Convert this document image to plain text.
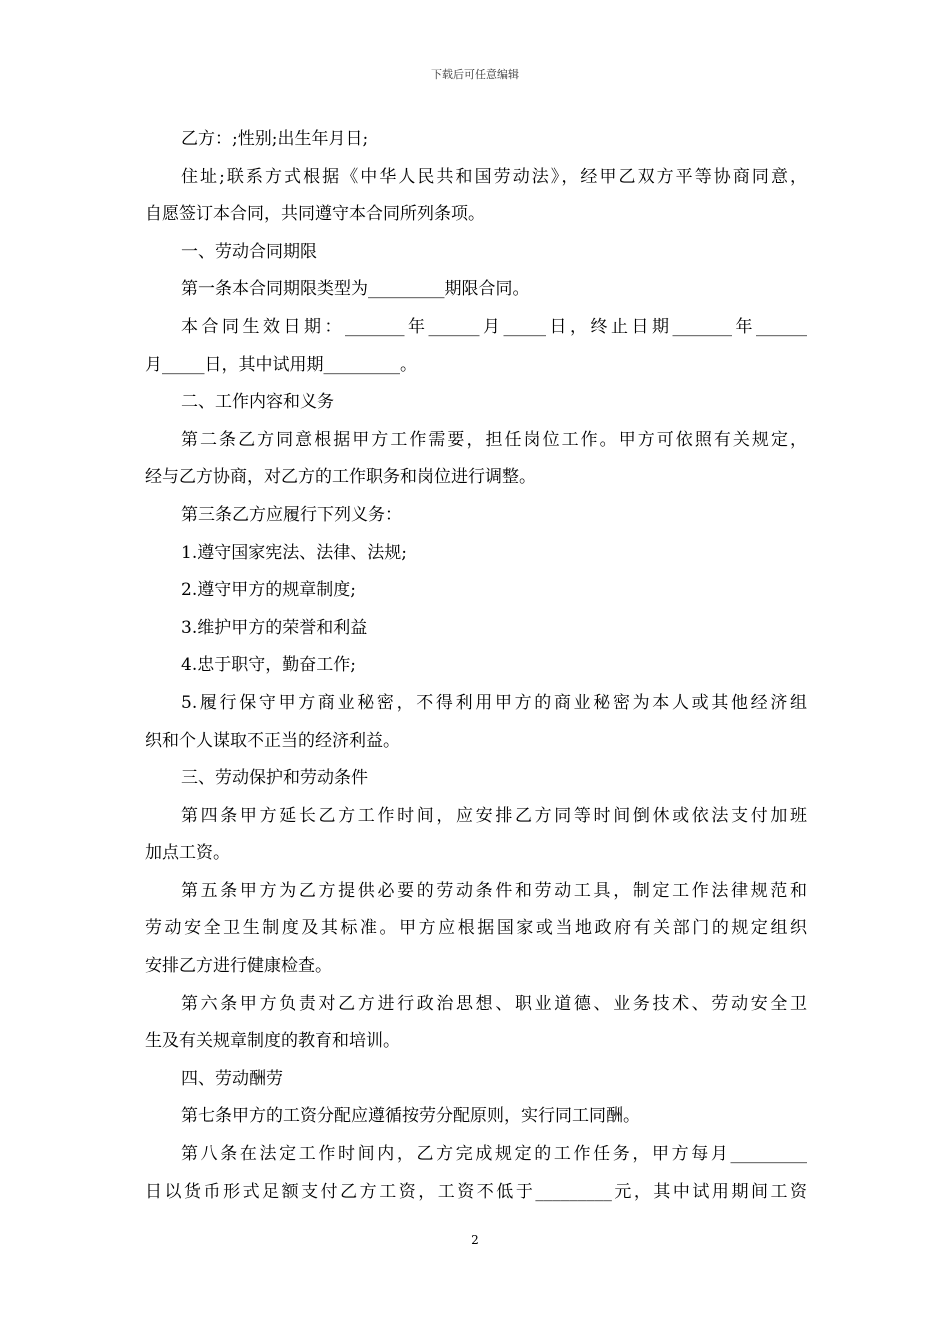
下载后可任意编辑
乙方：;性别;出生年月日;
住址;联系方式根据《中华人民共和国劳动法》，经甲乙双方平等协商同意，
自愿签订本合同，共同遵守本合同所列条项。
一、劳动合同期限
第一条本合同期限类型为_________期限合同。
本合同生效日期：_______年______月_____日，终止日期_______年______
月_____日，其中试用期_________。
二、工作内容和义务
第二条乙方同意根据甲方工作需要，担任岗位工作。甲方可依照有关规定，
经与乙方协商，对乙方的工作职务和岗位进行调整。
第三条乙方应履行下列义务：
1.遵守国家宪法、法律、法规;
2.遵守甲方的规章制度;
3.维护甲方的荣誉和利益
4.忠于职守，勤奋工作;
5.履行保守甲方商业秘密，不得利用甲方的商业秘密为本人或其他经济组
织和个人谋取不正当的经济利益。
三、劳动保护和劳动条件
第四条甲方延长乙方工作时间，应安排乙方同等时间倒休或依法支付加班
加点工资。
第五条甲方为乙方提供必要的劳动条件和劳动工具，制定工作法律规范和
劳动安全卫生制度及其标准。甲方应根据国家或当地政府有关部门的规定组织
安排乙方进行健康检查。
第六条甲方负责对乙方进行政治思想、职业道德、业务技术、劳动安全卫
生及有关规章制度的教育和培训。
四、劳动酬劳
第七条甲方的工资分配应遵循按劳分配原则，实行同工同酬。
第八条在法定工作时间内，乙方完成规定的工作任务，甲方每月_________
日以货币形式足额支付乙方工资，工资不低于_________元，其中试用期间工资
2
